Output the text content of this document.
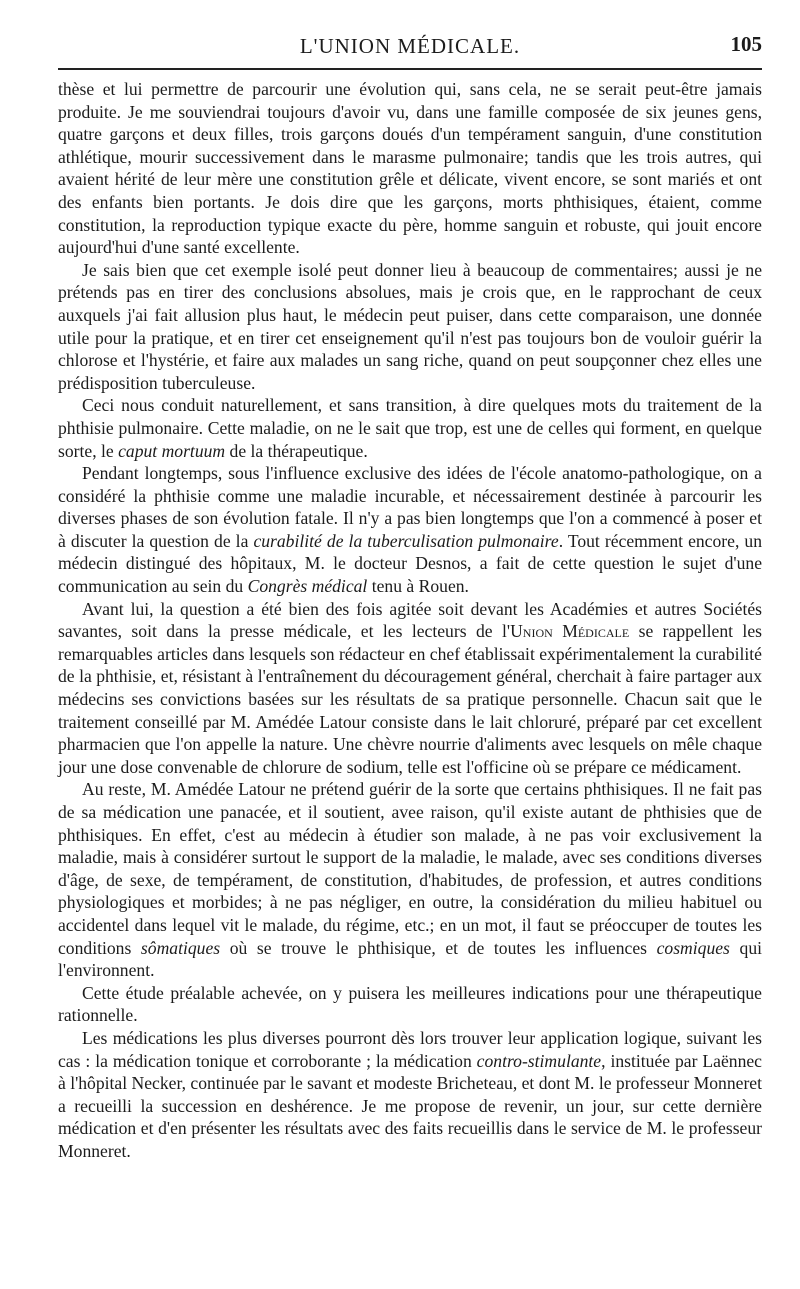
L'UNION MÉDICALE.	105

thèse et lui permettre de parcourir une évolution qui, sans cela, ne se serait peut-être jamais produite. Je me souviendrai toujours d'avoir vu, dans une famille composée de six jeunes gens, quatre garçons et deux filles, trois garçons doués d'un tempérament sanguin, d'une constitution athlétique, mourir successivement dans le marasme pulmonaire; tandis que les trois autres, qui avaient hérité de leur mère une constitution grêle et délicate, vivent encore, se sont mariés et ont des enfants bien portants. Je dois dire que les garçons, morts phthisiques, étaient, comme constitution, la reproduction typique exacte du père, homme sanguin et robuste, qui jouit encore aujourd'hui d'une santé excellente.

Je sais bien que cet exemple isolé peut donner lieu à beaucoup de commentaires; aussi je ne prétends pas en tirer des conclusions absolues, mais je crois que, en le rapprochant de ceux auxquels j'ai fait allusion plus haut, le médecin peut puiser, dans cette comparaison, une donnée utile pour la pratique, et en tirer cet enseignement qu'il n'est pas toujours bon de vouloir guérir la chlorose et l'hystérie, et faire aux malades un sang riche, quand on peut soupçonner chez elles une prédisposition tuberculeuse.

Ceci nous conduit naturellement, et sans transition, à dire quelques mots du traitement de la phthisie pulmonaire. Cette maladie, on ne le sait que trop, est une de celles qui forment, en quelque sorte, le caput mortuum de la thérapeutique.

Pendant longtemps, sous l'influence exclusive des idées de l'école anatomo-pathologique, on a considéré la phthisie comme une maladie incurable, et nécessairement destinée à parcourir les diverses phases de son évolution fatale. Il n'y a pas bien longtemps que l'on a commencé à poser et à discuter la question de la curabilité de la tuberculisation pulmonaire. Tout récemment encore, un médecin distingué des hôpitaux, M. le docteur Desnos, a fait de cette question le sujet d'une communication au sein du Congrès médical tenu à Rouen.

Avant lui, la question a été bien des fois agitée soit devant les Académies et autres Sociétés savantes, soit dans la presse médicale, et les lecteurs de l'Union Médicale se rappellent les remarquables articles dans lesquels son rédacteur en chef établissait expérimentalement la curabilité de la phthisie, et, résistant à l'entraînement du découragement général, cherchait à faire partager aux médecins ses convictions basées sur les résultats de sa pratique personnelle. Chacun sait que le traitement conseillé par M. Amédée Latour consiste dans le lait chloruré, préparé par cet excellent pharmacien que l'on appelle la nature. Une chèvre nourrie d'aliments avec lesquels on mêle chaque jour une dose convenable de chlorure de sodium, telle est l'officine où se prépare ce médicament.

Au reste, M. Amédée Latour ne prétend guérir de la sorte que certains phthisiques. Il ne fait pas de sa médication une panacée, et il soutient, avee raison, qu'il existe autant de phthisies que de phthisiques. En effet, c'est au médecin à étudier son malade, à ne pas voir exclusivement la maladie, mais à considérer surtout le support de la maladie, le malade, avec ses conditions diverses d'âge, de sexe, de tempérament, de constitution, d'habitudes, de profession, et autres conditions physiologiques et morbides; à ne pas négliger, en outre, la considération du milieu habituel ou accidentel dans lequel vit le malade, du régime, etc.; en un mot, il faut se préoccuper de toutes les conditions sômatiques où se trouve le phthisique, et de toutes les influences cosmiques qui l'environnent.

Cette étude préalable achevée, on y puisera les meilleures indications pour une thérapeutique rationnelle.

Les médications les plus diverses pourront dès lors trouver leur application logique, suivant les cas : la médication tonique et corroborante ; la médication contro-stimulante, instituée par Laënnec à l'hôpital Necker, continuée par le savant et modeste Bricheteau, et dont M. le professeur Monneret a recueilli la succession en deshérence. Je me propose de revenir, un jour, sur cette dernière médication et d'en présenter les résultats avec des faits recueillis dans le service de M. le professeur Monneret.
